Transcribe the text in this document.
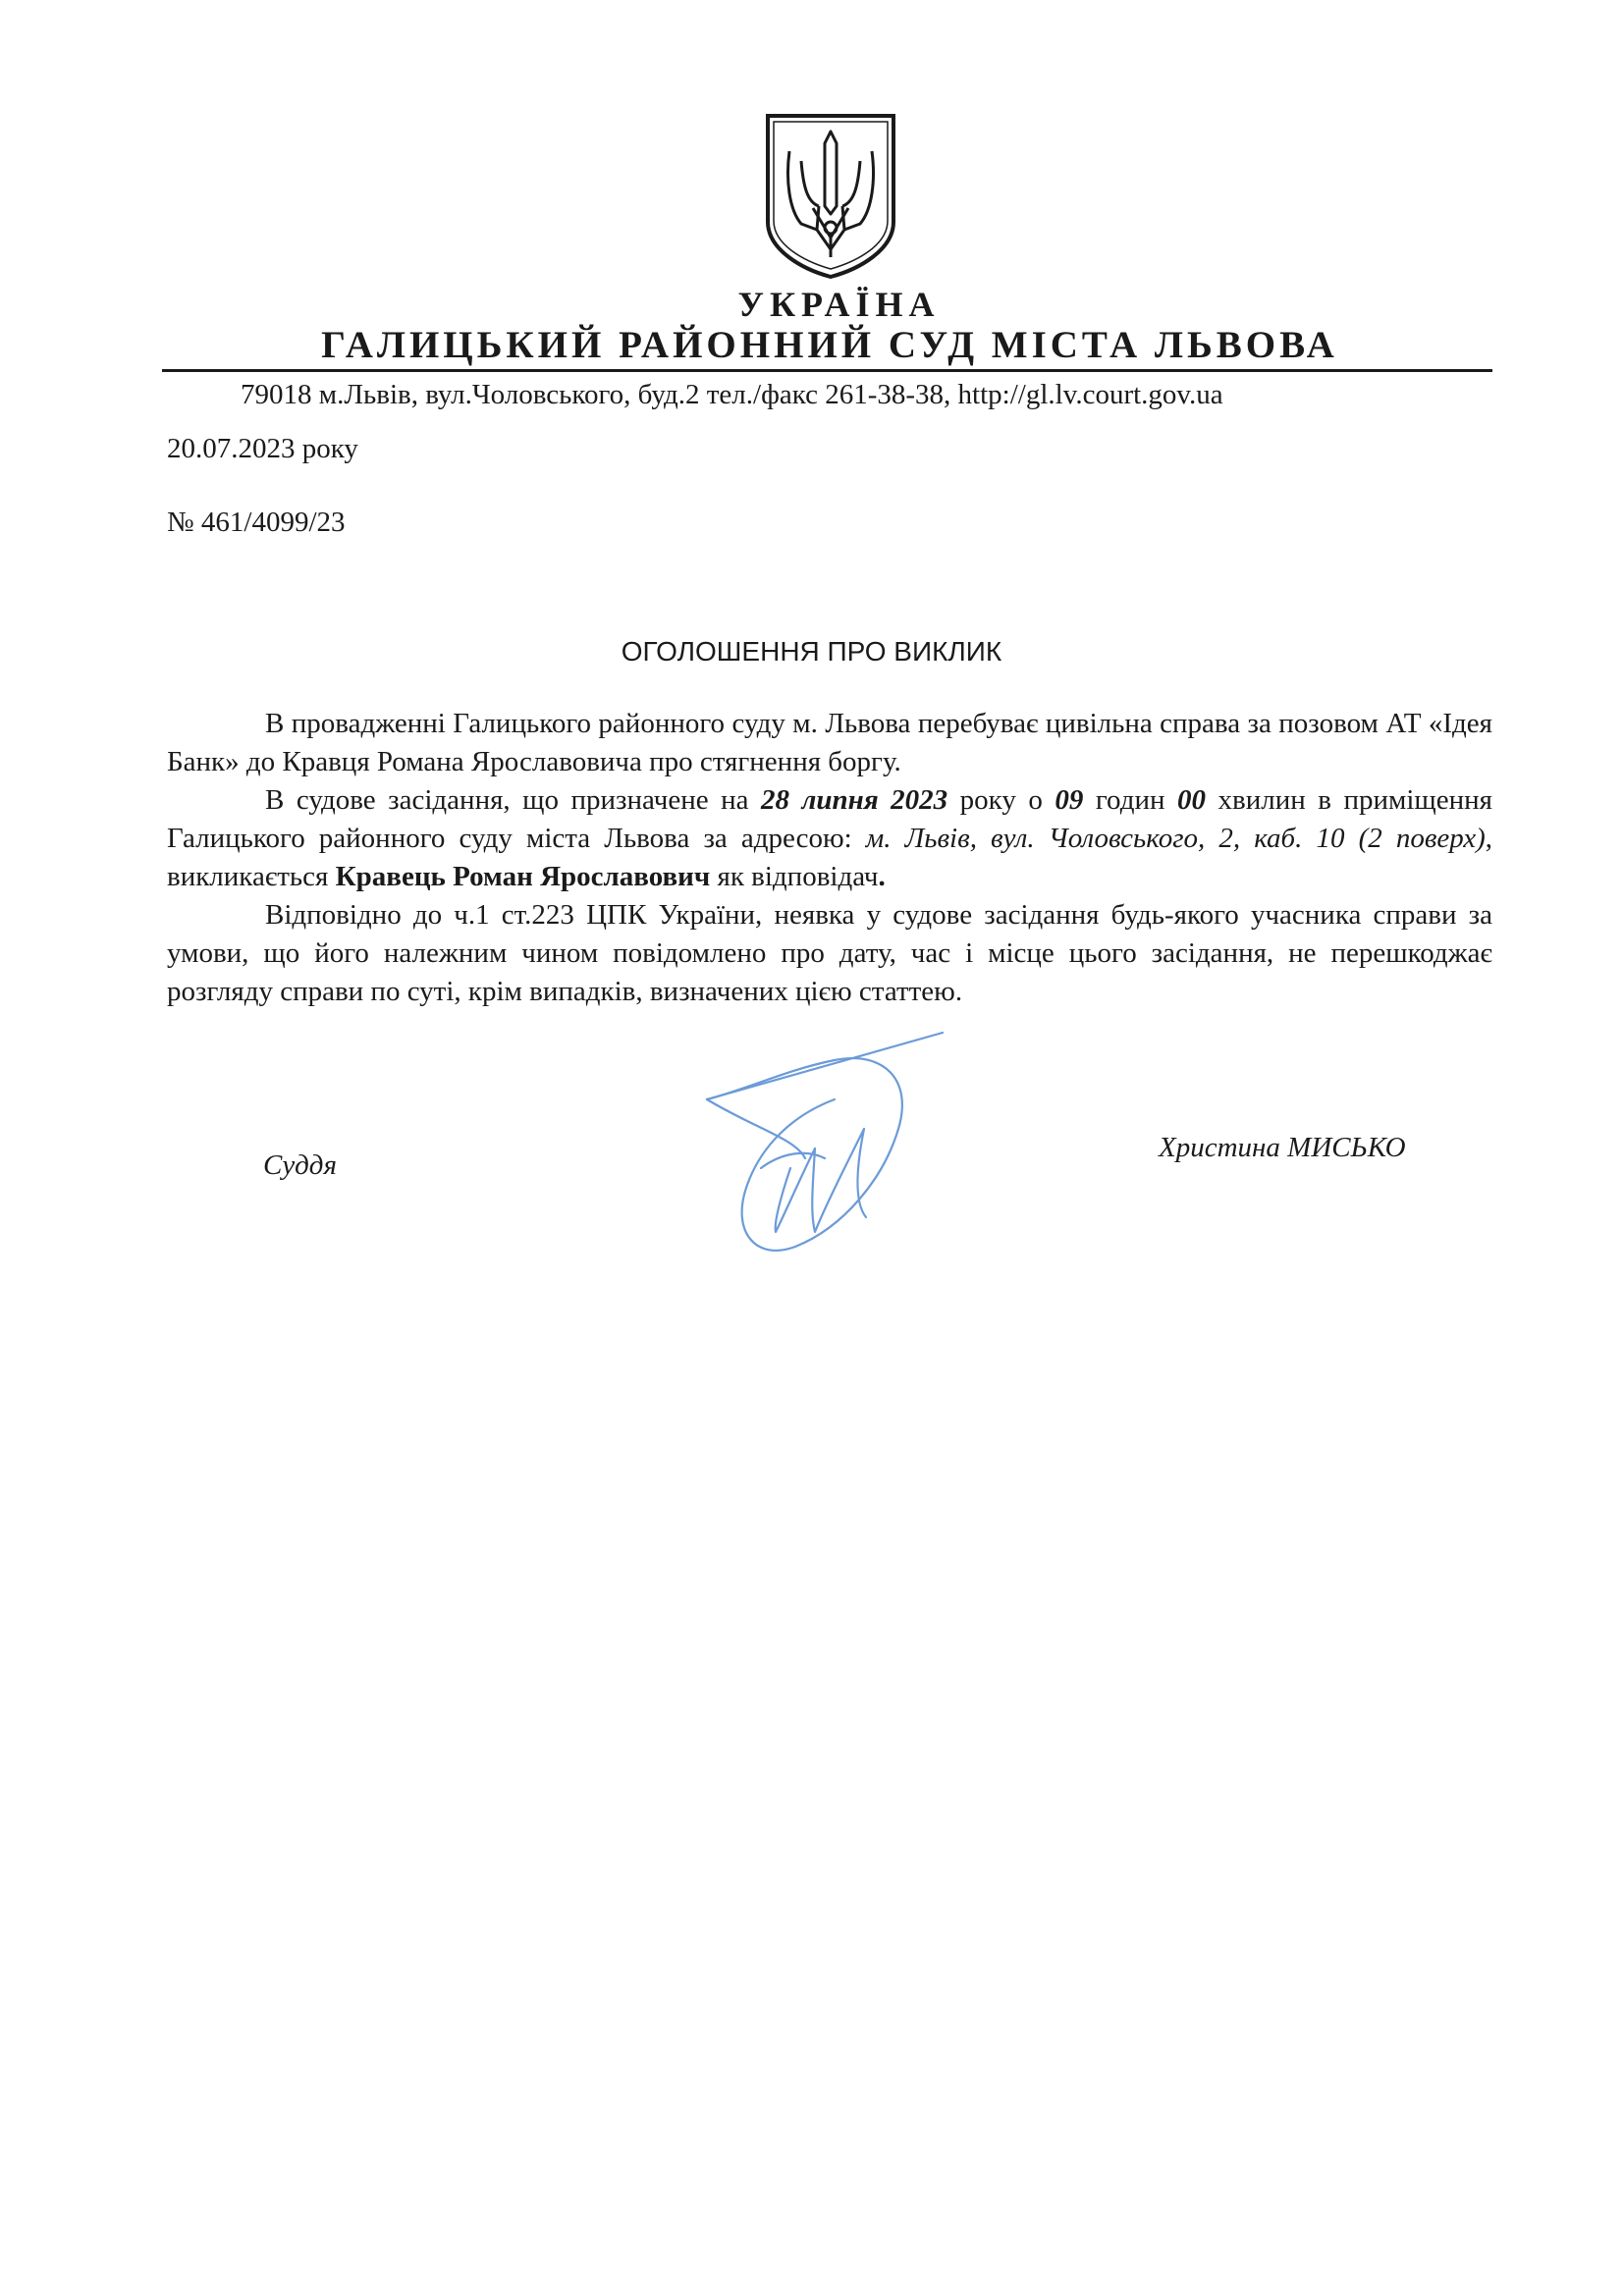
УКРАЇНА
ГАЛИЦЬКИЙ РАЙОННИЙ СУД МІСТА ЛЬВОВА
79018 м.Львів, вул.Чоловського, буд.2 тел./факс 261-38-38, http://gl.lv.court.gov.ua
20.07.2023 року
№ 461/4099/23
ОГОЛОШЕННЯ ПРО ВИКЛИК

В провадженні Галицького районного суду м. Львова перебуває цивільна справа за позовом АТ «Ідея Банк» до Кравця Романа Ярославовича про стягнення боргу.

В судове засідання, що призначене на 28 липня 2023 року о 09 годин 00 хвилин в приміщення Галицького районного суду міста Львова за адресою: м. Львів, вул. Чоловського, 2, каб. 10 (2 поверх), викликається Кравець Роман Ярославович як відповідач.

Відповідно до ч.1 ст.223 ЦПК України, неявка у судове засідання будь-якого учасника справи за умови, що його належним чином повідомлено про дату, час і місце цього засідання, не перешкоджає розгляду справи по суті, крім випадків, визначених цією статтею.

Суддя
Христина МИСЬКО
